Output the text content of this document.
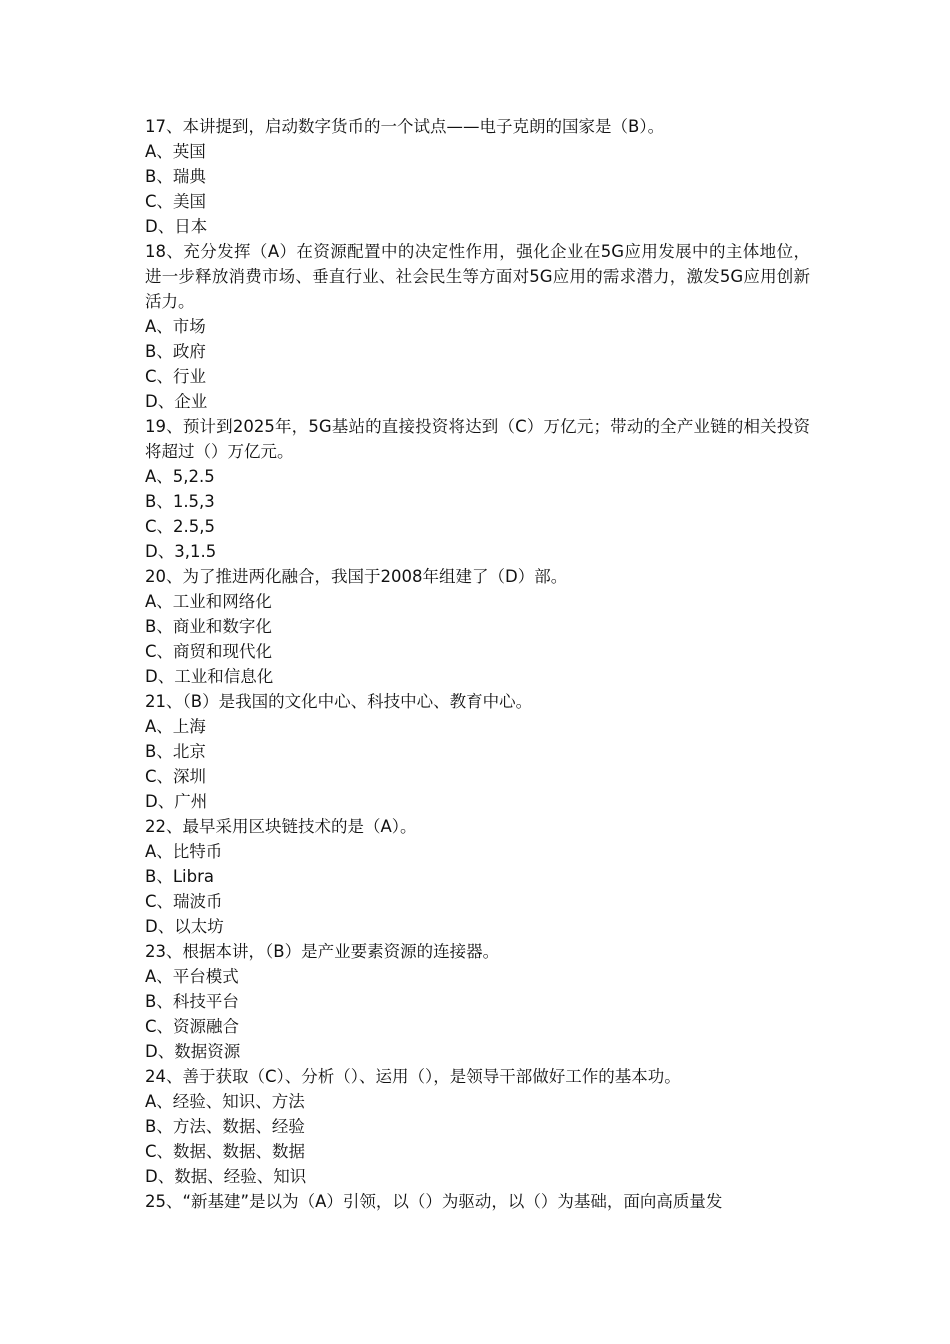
17、本讲提到，启动数字货币的一个试点——电子克朗的国家是（B）。

A、英国

B、瑞典

C、美国

D、日本

18、充分发挥（A）在资源配置中的决定性作用，强化企业在5G应用发展中的主体地位，进一步释放消费市场、垂直行业、社会民生等方面对5G应用的需求潜力，激发5G应用创新活力。

A、市场

B、政府

C、行业

D、企业

19、预计到2025年，5G基站的直接投资将达到（C）万亿元；带动的全产业链的相关投资将超过（）万亿元。

A、5,2.5

B、1.5,3

C、2.5,5

D、3,1.5

20、为了推进两化融合，我国于2008年组建了（D）部。

A、工业和网络化

B、商业和数字化

C、商贸和现代化

D、工业和信息化

21、（B）是我国的文化中心、科技中心、教育中心。

A、上海

B、北京

C、深圳

D、广州

22、最早采用区块链技术的是（A）。

A、比特币

B、Libra

C、瑞波币

D、以太坊

23、根据本讲，（B）是产业要素资源的连接器。

A、平台模式

B、科技平台

C、资源融合

D、数据资源

24、善于获取（C）、分析（）、运用（），是领导干部做好工作的基本功。

A、经验、知识、方法

B、方法、数据、经验

C、数据、数据、数据

D、数据、经验、知识

25、“新基建”是以为（A）引领，以（）为驱动，以（）为基础，面向高质量发
